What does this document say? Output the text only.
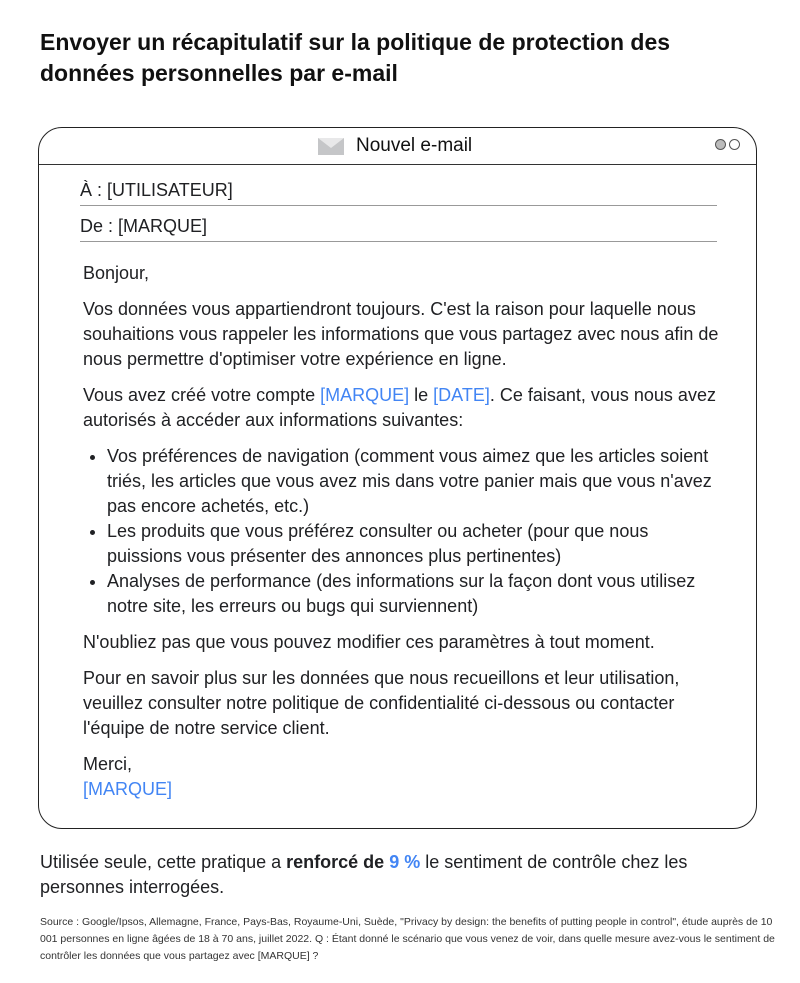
Envoyer un récapitulatif sur la politique de protection des données personnelles par e-mail
Nouvel e-mail
À : [UTILISATEUR]
De : [MARQUE]

Bonjour,

Vos données vous appartiendront toujours. C'est la raison pour laquelle nous souhaitions vous rappeler les informations que vous partagez avec nous afin de nous permettre d'optimiser votre expérience en ligne.

Vous avez créé votre compte [MARQUE] le [DATE]. Ce faisant, vous nous avez autorisés à accéder aux informations suivantes:

• Vos préférences de navigation (comment vous aimez que les articles soient triés, les articles que vous avez mis dans votre panier mais que vous n'avez pas encore achetés, etc.)
• Les produits que vous préférez consulter ou acheter (pour que nous puissions vous présenter des annonces plus pertinentes)
• Analyses de performance (des informations sur la façon dont vous utilisez notre site, les erreurs ou bugs qui surviennent)

N'oubliez pas que vous pouvez modifier ces paramètres à tout moment.

Pour en savoir plus sur les données que nous recueillons et leur utilisation, veuillez consulter notre politique de confidentialité ci-dessous ou contacter l'équipe de notre service client.

Merci,
[MARQUE]

Utilisée seule, cette pratique a renforcé de 9 % le sentiment de contrôle chez les personnes interrogées.
Source : Google/Ipsos, Allemagne, France, Pays-Bas, Royaume-Uni, Suède, "Privacy by design: the benefits of putting people in control", étude auprès de 10 001 personnes en ligne âgées de 18 à 70 ans, juillet 2022. Q : Étant donné le scénario que vous venez de voir, dans quelle mesure avez-vous le sentiment de contrôler les données que vous partagez avec [MARQUE] ?
